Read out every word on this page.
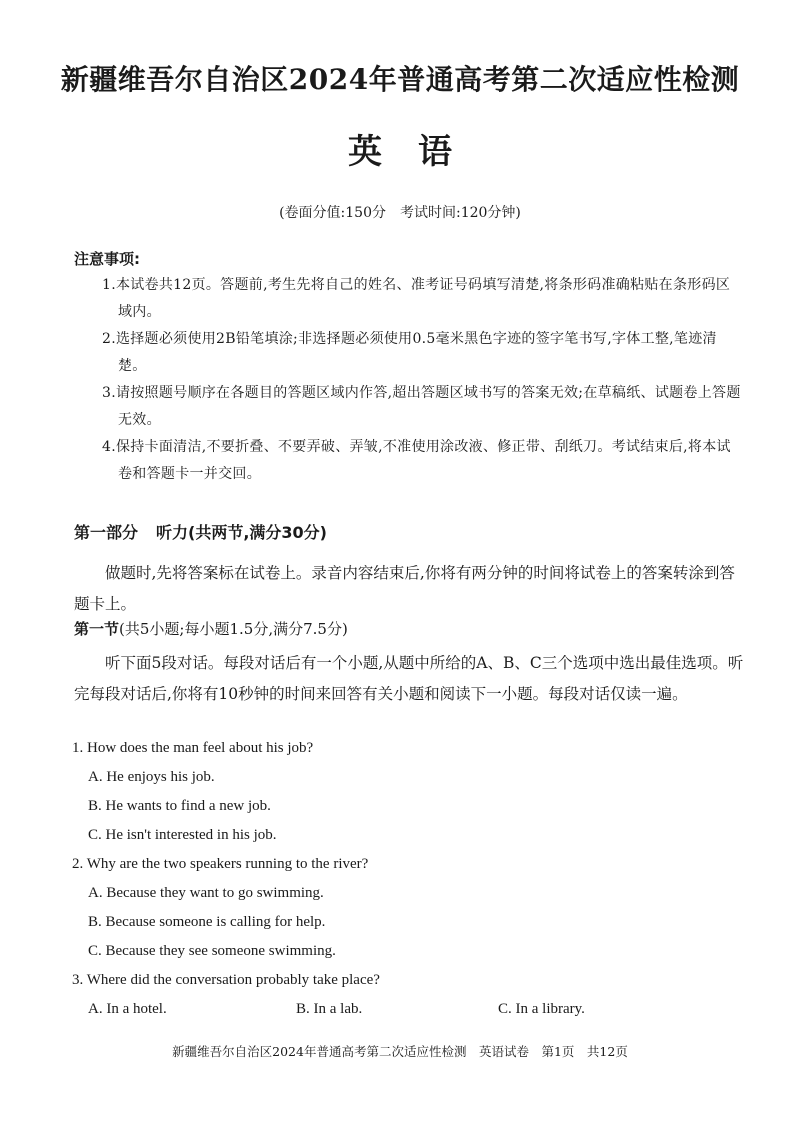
新疆维吾尔自治区2024年普通高考第二次适应性检测
英 语
(卷面分值:150分　考试时间:120分钟)
注意事项:
1.本试卷共12页。答题前,考生先将自己的姓名、准考证号码填写清楚,将条形码准确粘贴在条形码区域内。
2.选择题必须使用2B铅笔填涂;非选择题必须使用0.5毫米黑色字迹的签字笔书写,字体工整,笔迹清楚。
3.请按照题号顺序在各题目的答题区域内作答,超出答题区域书写的答案无效;在草稿纸、试题卷上答题无效。
4.保持卡面清洁,不要折叠、不要弄破、弄皱,不准使用涂改液、修正带、刮纸刀。考试结束后,将本试卷和答题卡一并交回。
第一部分 听力(共两节,满分30分)
做题时,先将答案标在试卷上。录音内容结束后,你将有两分钟的时间将试卷上的答案转涂到答题卡上。
第一节(共5小题;每小题1.5分,满分7.5分)
听下面5段对话。每段对话后有一个小题,从题中所给的A、B、C三个选项中选出最佳选项。听完每段对话后,你将有10秒钟的时间来回答有关小题和阅读下一小题。每段对话仅读一遍。
1. How does the man feel about his job?
A. He enjoys his job.
B. He wants to find a new job.
C. He isn't interested in his job.
2. Why are the two speakers running to the river?
A. Because they want to go swimming.
B. Because someone is calling for help.
C. Because they see someone swimming.
3. Where did the conversation probably take place?
A. In a hotel.	B. In a lab.	C. In a library.
新疆维吾尔自治区2024年普通高考第二次适应性检测　英语试卷　第1页　共12页
